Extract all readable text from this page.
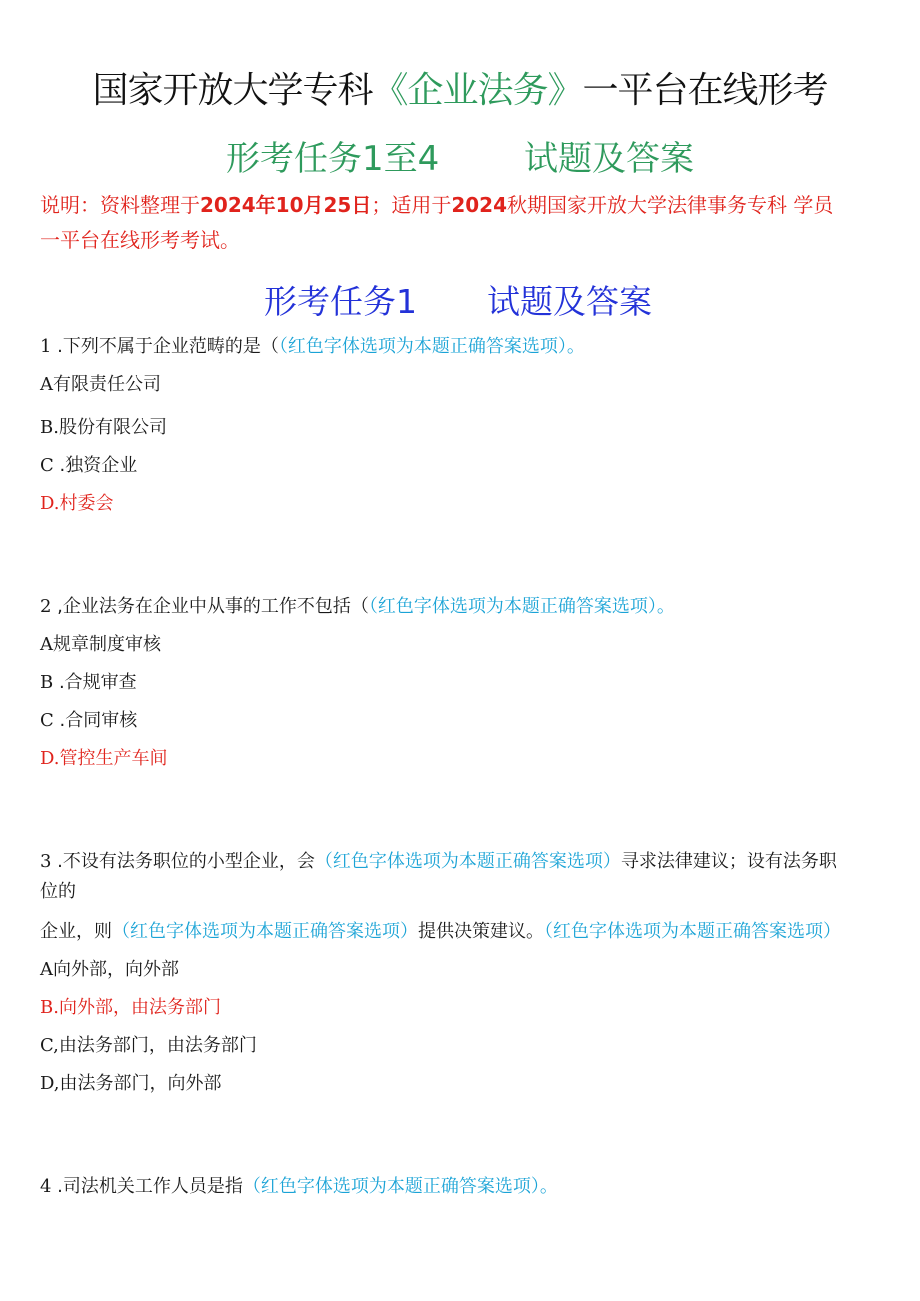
国家开放大学专科《企业法务》一平台在线形考
形考任务1至4 试题及答案
说明：资料整理于2024年10月25日；适用于2024秋期国家开放大学法律事务专科 学员
一平台在线形考考试。
形考任务1 试题及答案
1 .下列不属于企业范畴的是（（红色字体选项为本题正确答案选项）。
A有限责任公司
B.股份有限公司
C .独资企业
D.村委会
2 ,企业法务在企业中从事的工作不包括（（红色字体选项为本题正确答案选项）。
A规章制度审核
B .合规审查
C .合同审核
D.管控生产车间
3 .不设有法务职位的小型企业，会（红色字体选项为本题正确答案选项）寻求法律建议；设有法务职
位的
企业，则（红色字体选项为本题正确答案选项）提供决策建议。（红色字体选项为本题正确答案选项）
A向外部，向外部
B.向外部，由法务部门
C,由法务部门，由法务部门
D,由法务部门，向外部
4 .司法机关工作人员是指（红色字体选项为本题正确答案选项）。
